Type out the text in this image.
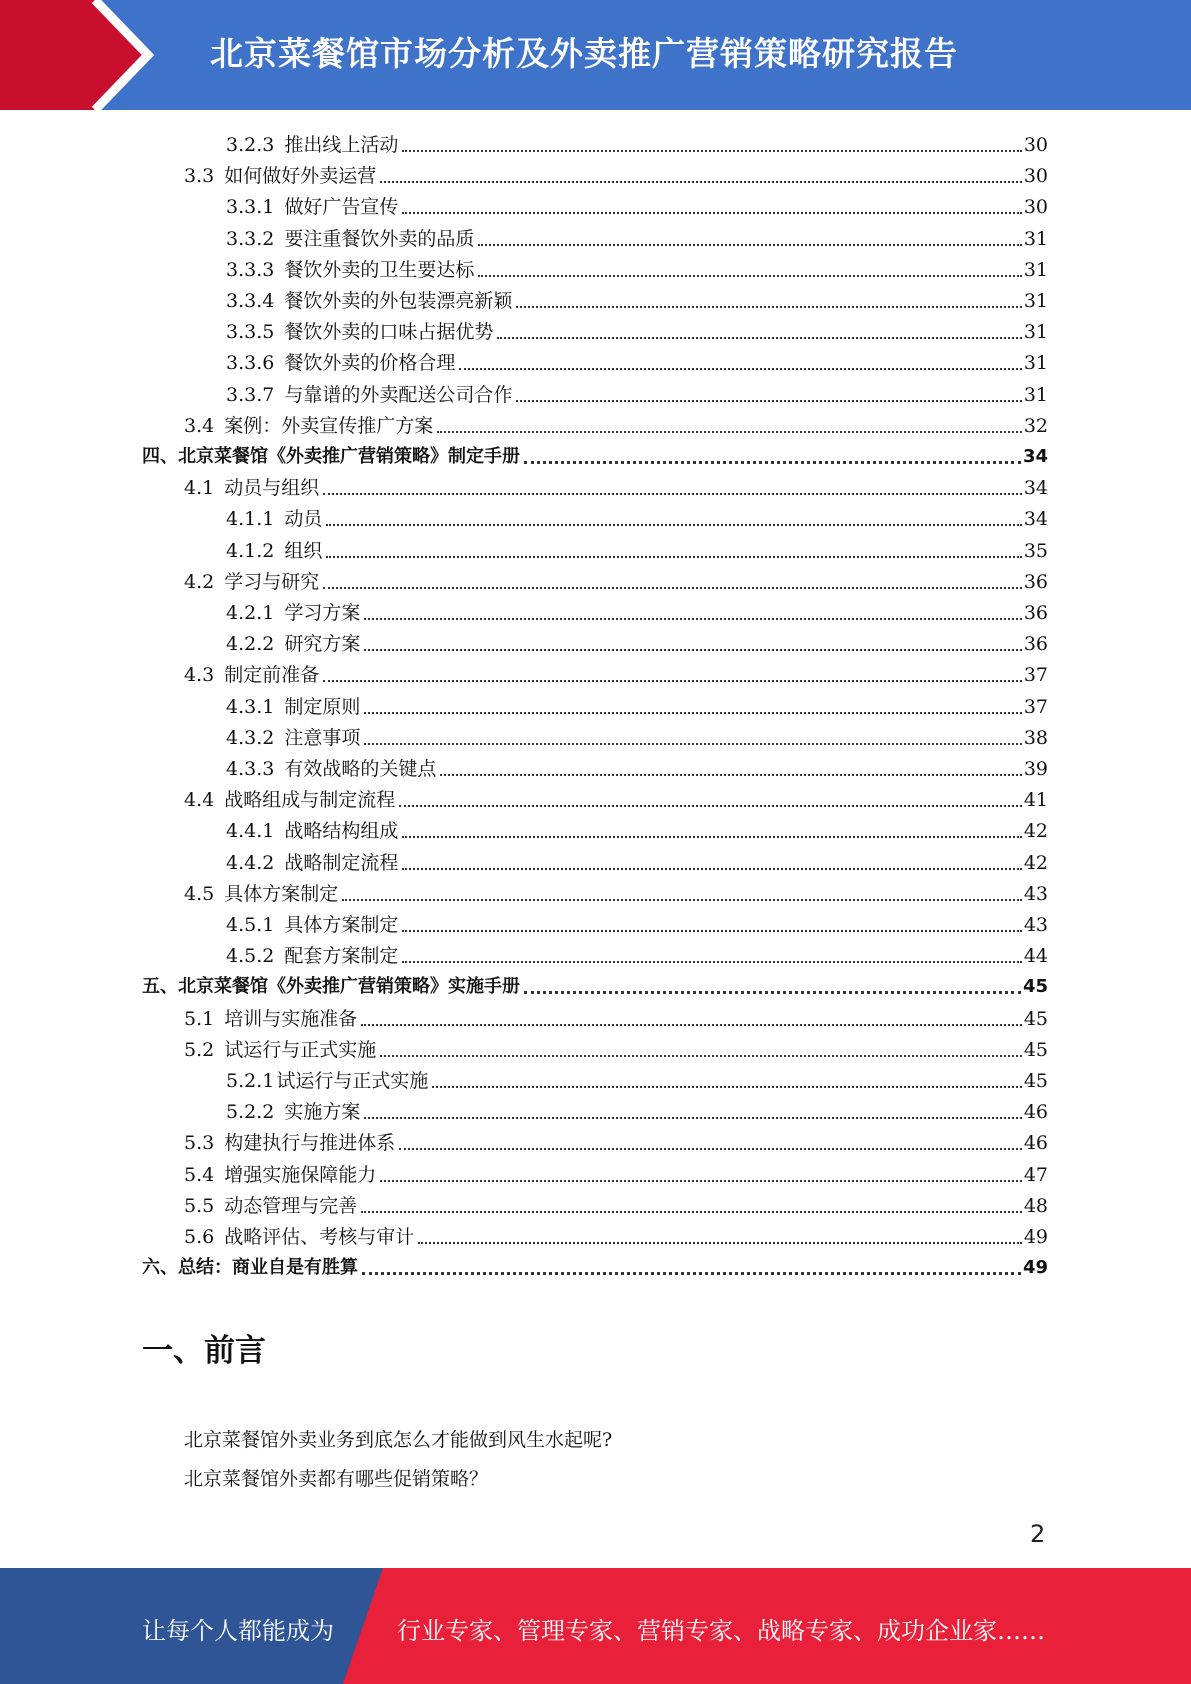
北京菜餐馆市场分析及外卖推广营销策略研究报告
3.2.3 推出线上活动	30
3.3 如何做好外卖运营	30
3.3.1 做好广告宣传	30
3.3.2 要注重餐饮外卖的品质	31
3.3.3 餐饮外卖的卫生要达标	31
3.3.4 餐饮外卖的外包装漂亮新颖	31
3.3.5 餐饮外卖的口味占据优势	31
3.3.6 餐饮外卖的价格合理	31
3.3.7 与靠谱的外卖配送公司合作	31
3.4 案例：外卖宣传推广方案	32
四、北京菜餐馆《外卖推广营销策略》制定手册	34
4.1 动员与组织	34
4.1.1 动员	34
4.1.2 组织	35
4.2 学习与研究	36
4.2.1 学习方案	36
4.2.2 研究方案	36
4.3 制定前准备	37
4.3.1 制定原则	37
4.3.2 注意事项	38
4.3.3 有效战略的关键点	39
4.4 战略组成与制定流程	41
4.4.1 战略结构组成	42
4.4.2 战略制定流程	42
4.5 具体方案制定	43
4.5.1 具体方案制定	43
4.5.2 配套方案制定	44
五、北京菜餐馆《外卖推广营销策略》实施手册	45
5.1 培训与实施准备	45
5.2 试运行与正式实施	45
5.2.1 试运行与正式实施	45
5.2.2 实施方案	46
5.3 构建执行与推进体系	46
5.4 增强实施保障能力	47
5.5 动态管理与完善	48
5.6 战略评估、考核与审计	49
六、总结：商业自是有胜算	49
一、前言
北京菜餐馆外卖业务到底怎么才能做到风生水起呢?
北京菜餐馆外卖都有哪些促销策略？
2
让每个人都能成为	行业专家、管理专家、营销专家、战略专家、成功企业家……
